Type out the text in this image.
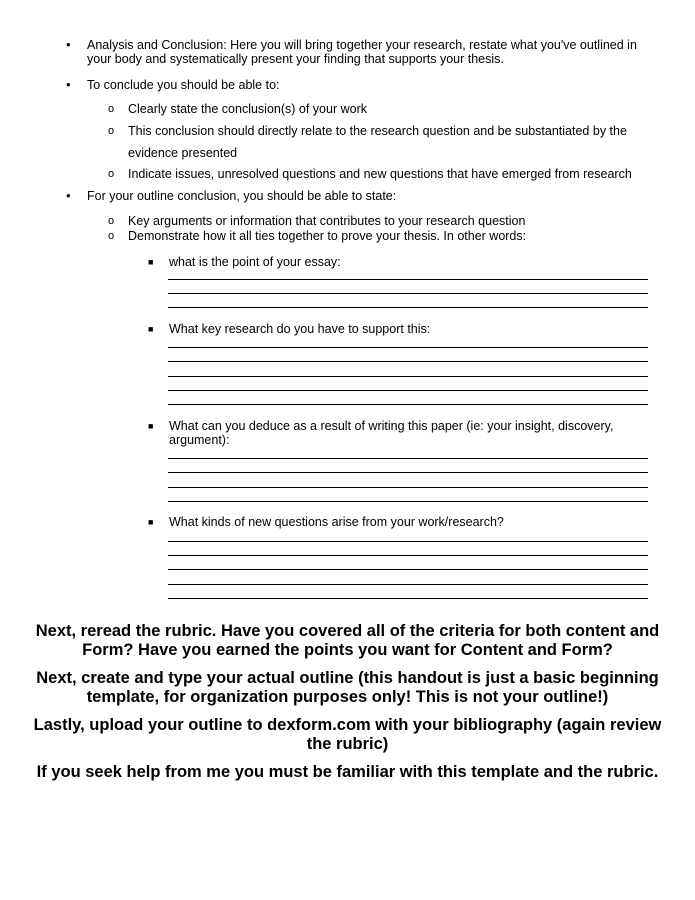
• Analysis and Conclusion: Here you will bring together your research, restate what you've outlined in your body and systematically present your finding that supports your thesis.
• To conclude you should be able to:
o Clearly state the conclusion(s) of your work
o This conclusion should directly relate to the research question and be substantiated by the
evidence presented
o Indicate issues, unresolved questions and new questions that have emerged from research
• For your outline conclusion, you should be able to state:
o Key arguments or information that contributes to your research question
o Demonstrate how it all ties together to prove your thesis. In other words:
■ what is the point of your essay:
■ What key research do you have to support this:
■ What can you deduce as a result of writing this paper (ie: your insight, discovery, argument):
■ What kinds of new questions arise from your work/research?
Next, reread the rubric. Have you covered all of the criteria for both content and Form? Have you earned the points you want for Content and Form?
Next, create and type your actual outline (this handout is just a basic beginning template, for organization purposes only! This is not your outline!)
Lastly, upload your outline to dexform.com with your bibliography (again review the rubric)
If you seek help from me you must be familiar with this template and the rubric.
